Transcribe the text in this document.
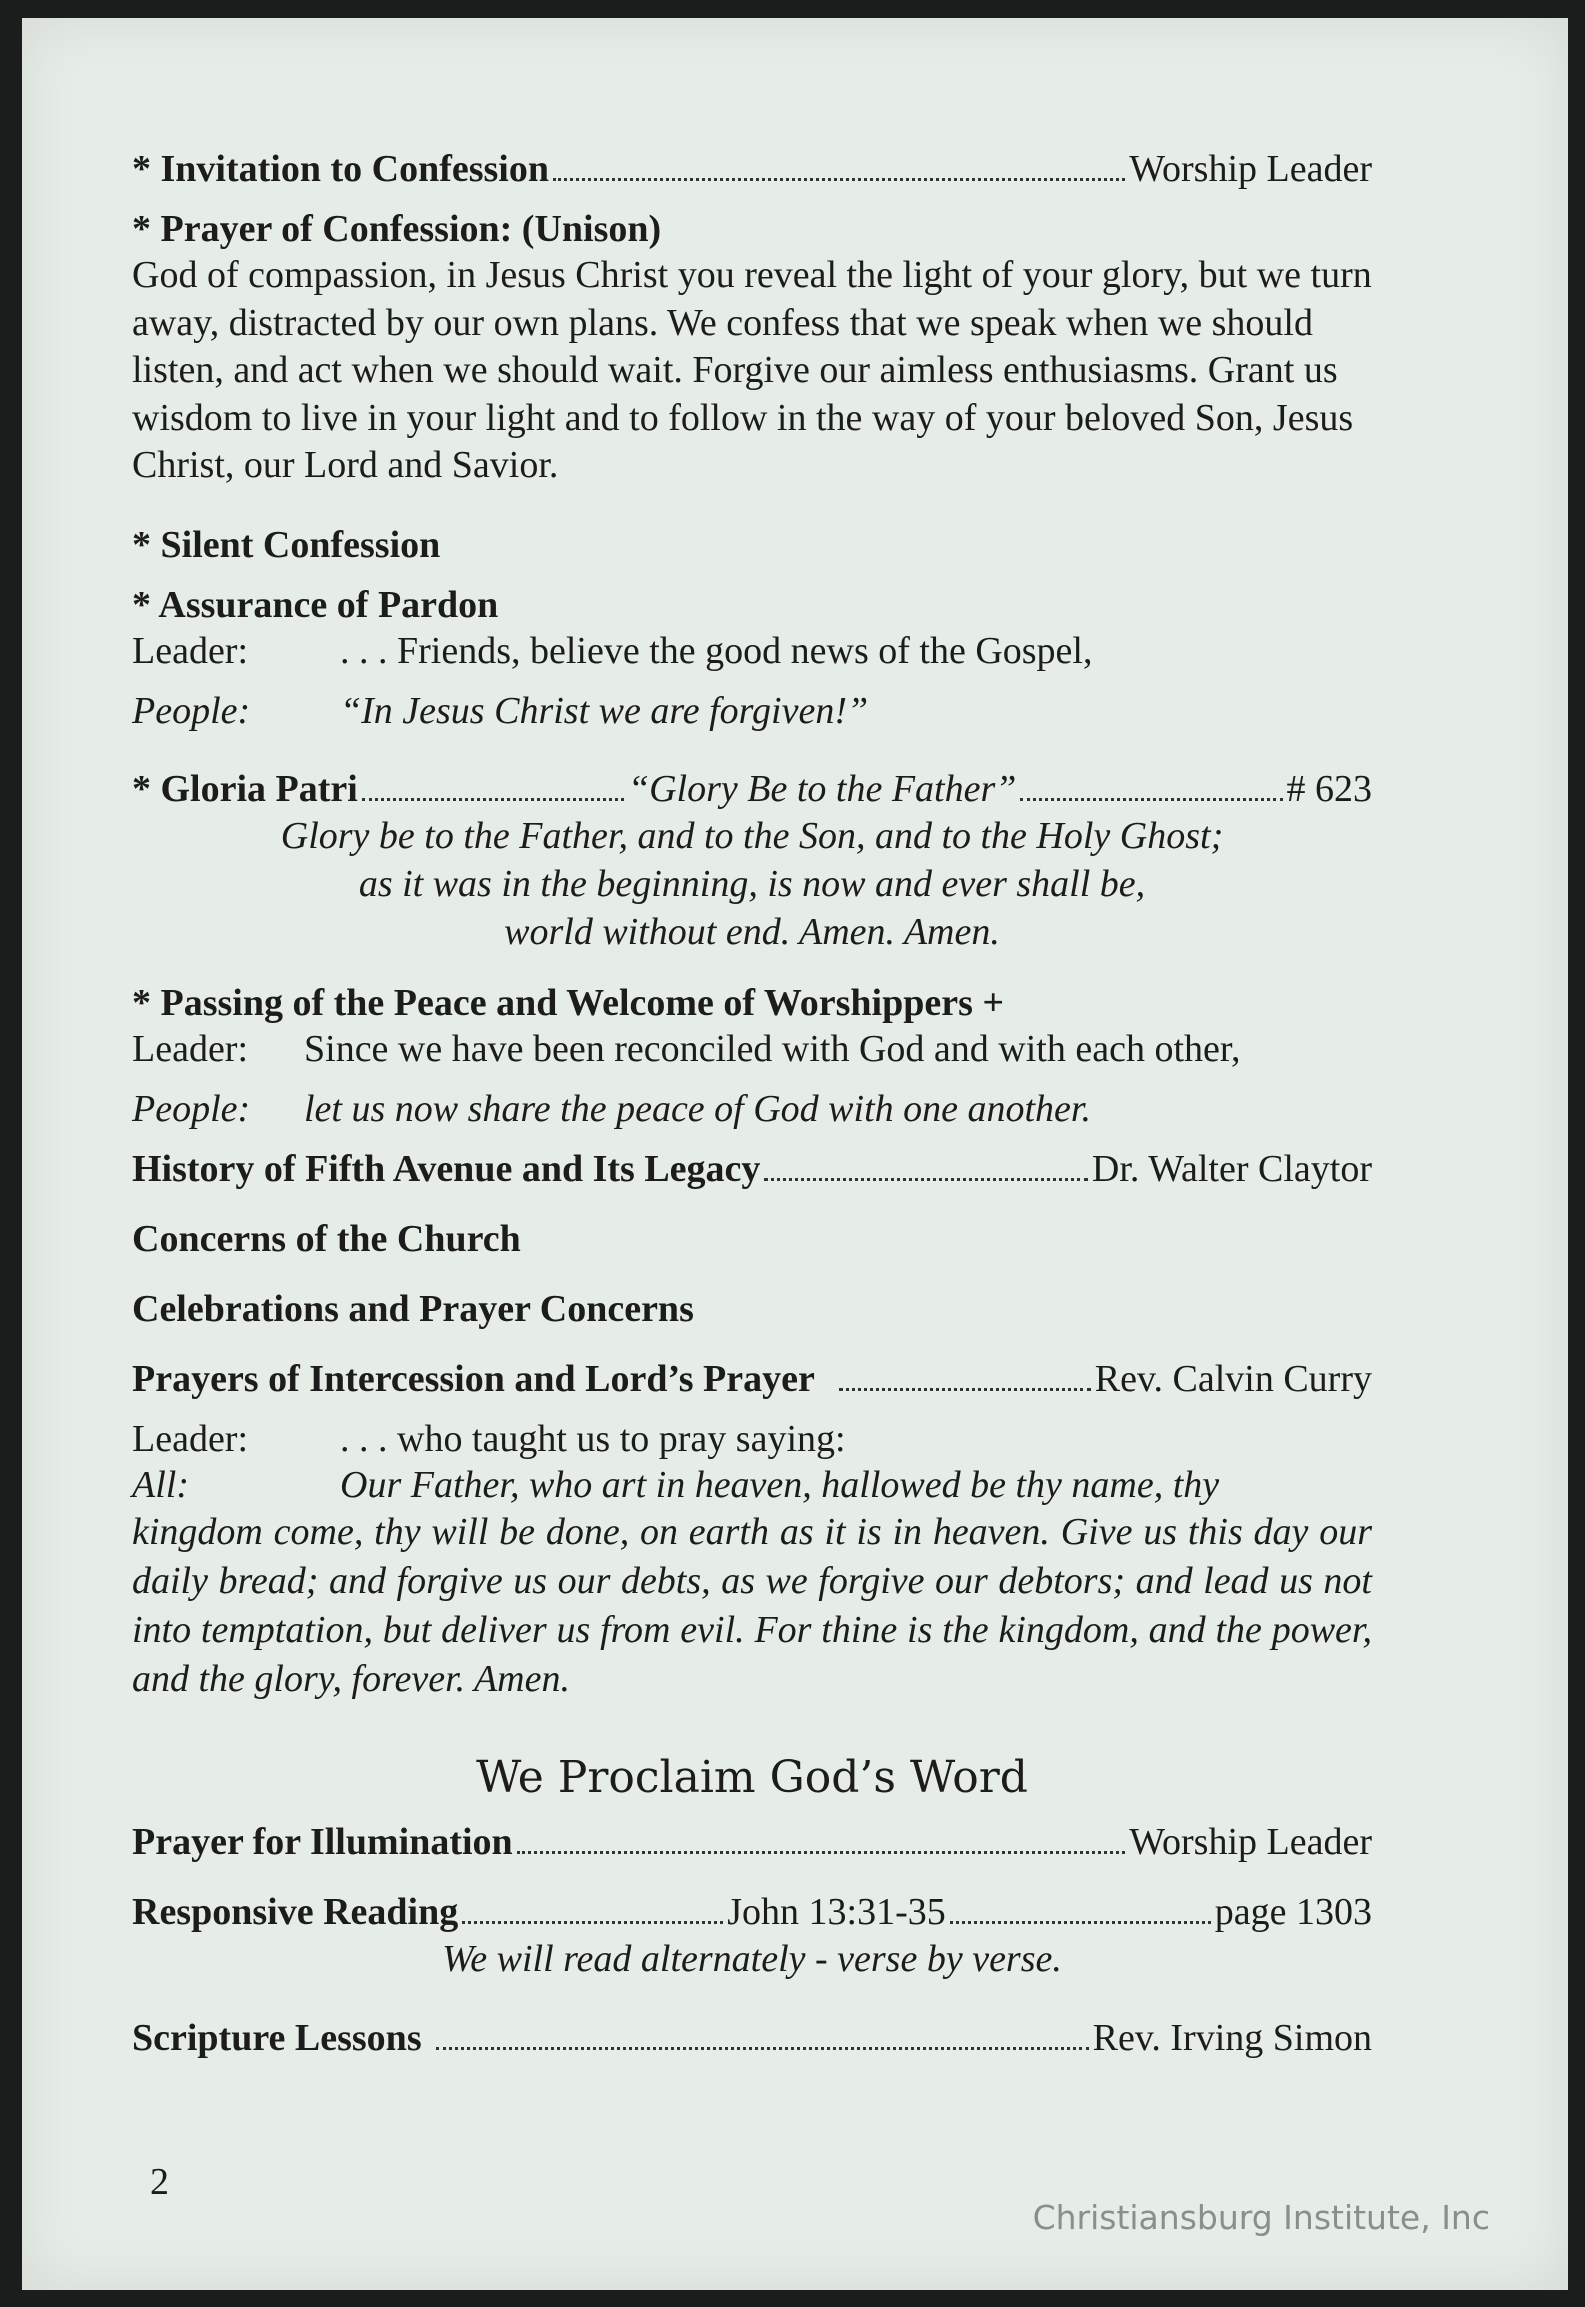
* Invitation to Confession	Worship Leader
* Prayer of Confession: (Unison)

God of compassion, in Jesus Christ you reveal the light of your glory, but we turn away, distracted by our own plans. We confess that we speak when we should listen, and act when we should wait. Forgive our aimless enthusiasms. Grant us wisdom to live in your light and to follow in the way of your beloved Son, Jesus Christ, our Lord and Savior.

* Silent Confession
* Assurance of Pardon
Leader:	. . . Friends, believe the good news of the Gospel,
People:	“In Jesus Christ we are forgiven!”
* Gloria Patri	“Glory Be to the Father”	# 623
Glory be to the Father, and to the Son, and to the Holy Ghost;
as it was in the beginning, is now and ever shall be,
world without end. Amen. Amen.
* Passing of the Peace and Welcome of Worshippers +
Leader:	Since we have been reconciled with God and with each other,
People:	let us now share the peace of God with one another.
History of Fifth Avenue and Its Legacy	Dr. Walter Claytor
Concerns of the Church
Celebrations and Prayer Concerns
Prayers of Intercession and Lord’s Prayer	Rev. Calvin Curry
Leader:	. . . who taught us to pray saying:
All:	Our Father, who art in heaven, hallowed be thy name, thy

kingdom come, thy will be done, on earth as it is in heaven. Give us this day our daily bread; and forgive us our debts, as we forgive our debtors; and lead us not into temptation, but deliver us from evil. For thine is the kingdom, and the power, and the glory, forever. Amen.

We Proclaim God’s Word
Prayer for Illumination	Worship Leader
Responsive Reading	John 13:31-35	page 1303
We will read alternately - verse by verse.
Scripture Lessons	Rev. Irving Simon
2
Christiansburg Institute, Inc
